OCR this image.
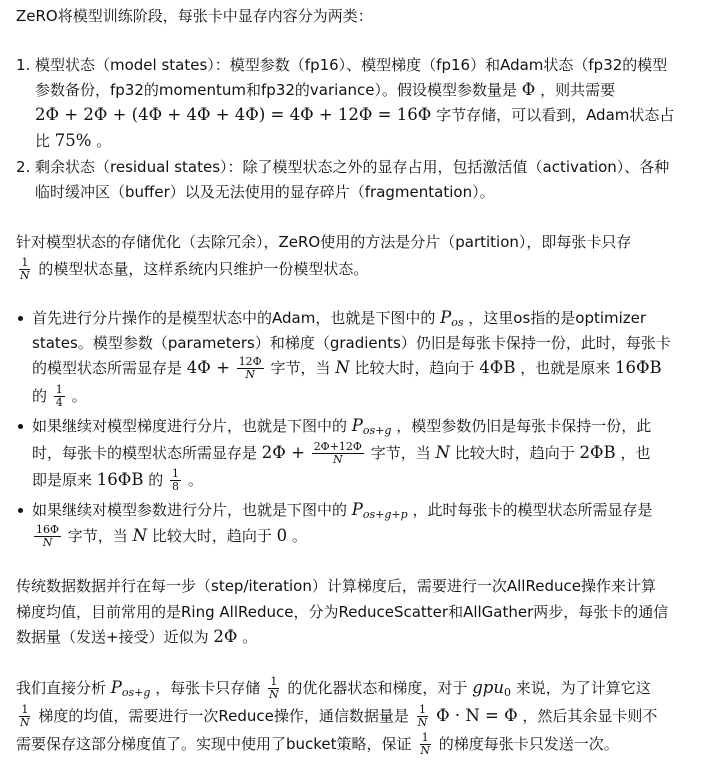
ZeRO将模型训练阶段，每张卡中显存内容分为两类：
1. 模型状态（model states）：模型参数（fp16）、模型梯度（fp16）和Adam状态（fp32的模型
参数备份，fp32的momentum和fp32的variance）。假设模型参数量是 Φ ，则共需要
2Φ + 2Φ + (4Φ + 4Φ + 4Φ) = 4Φ + 12Φ = 16Φ 字节存储，可以看到，Adam状态占
比 75% 。
2. 剩余状态（residual states）：除了模型状态之外的显存占用，包括激活值（activation）、各种
临时缓冲区（buffer）以及无法使用的显存碎片（fragmentation）。
针对模型状态的存储优化（去除冗余），ZeRO使用的方法是分片（partition），即每张卡只存
$\frac{1}{N}$ 的模型状态量，这样系统内只维护一份模型状态。
首先进行分片操作的是模型状态中的Adam，也就是下图中的 $P_{os}$ ，这里os指的是optimizer
states。模型参数（parameters）和梯度（gradients）仍旧是每张卡保持一份，此时，每张卡
的模型状态所需显存是 $4\Phi + \frac{12\Phi}{N}$ 字节，当 N 比较大时，趋向于 4ΦB ，也就是原来 16ΦB
的 $\frac{1}{4}$ 。
如果继续对模型梯度进行分片，也就是下图中的 $P_{os+g}$ ，模型参数仍旧是每张卡保持一份，此
时，每张卡的模型状态所需显存是 $2\Phi + \frac{2\Phi+12\Phi}{N}$ 字节，当 N 比较大时，趋向于 2ΦB ，也
即是原来 16ΦB 的 $\frac{1}{8}$ 。
如果继续对模型参数进行分片，也就是下图中的 $P_{os+g+p}$ ，此时每张卡的模型状态所需显存是
$\frac{16\Phi}{N}$ 字节，当 N 比较大时，趋向于 0 。
传统数据数据并行在每一步（step/iteration）计算梯度后，需要进行一次AllReduce操作来计算
梯度均值，目前常用的是Ring AllReduce，分为ReduceScatter和AllGather两步，每张卡的通信
数据量（发送+接受）近似为 2Φ 。
我们直接分析 $P_{os+g}$ ，每张卡只存储 $\frac{1}{N}$ 的优化器状态和梯度，对于 gpu$_0$ 来说，为了计算它这
$\frac{1}{N}$ 梯度的均值，需要进行一次Reduce操作，通信数据量是 $\frac{1}{N}$ Φ · N = Φ ，然后其余显卡则不
需要保存这部分梯度值了。实现中使用了bucket策略，保证 $\frac{1}{N}$ 的梯度每张卡只发送一次。
